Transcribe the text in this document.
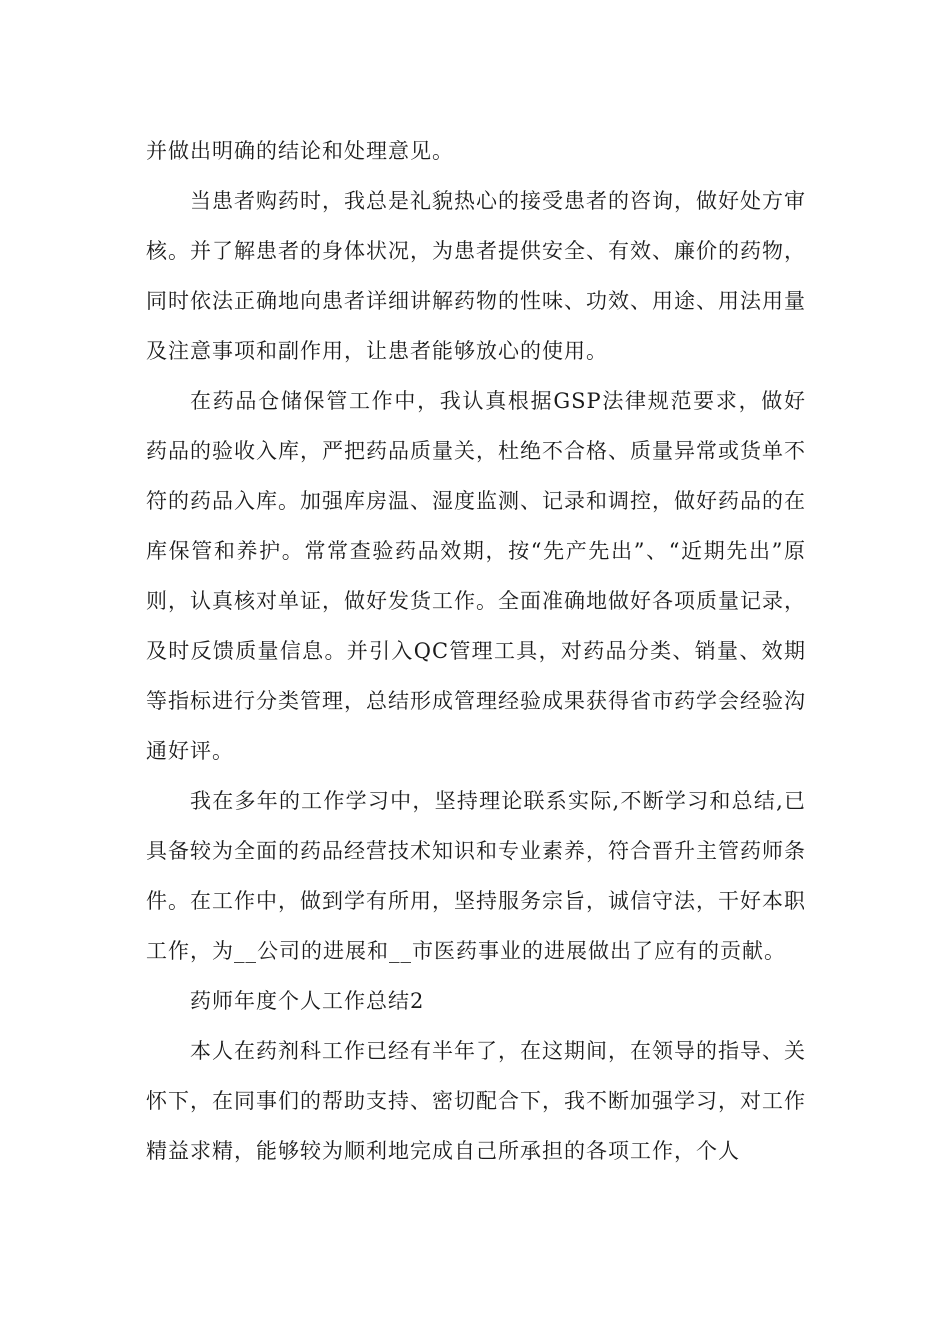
并做出明确的结论和处理意见。

当患者购药时，我总是礼貌热心的接受患者的咨询，做好处方审核。并了解患者的身体状况，为患者提供安全、有效、廉价的药物，同时依法正确地向患者详细讲解药物的性味、功效、用途、用法用量及注意事项和副作用，让患者能够放心的使用。

在药品仓储保管工作中，我认真根据GSP法律规范要求，做好药品的验收入库，严把药品质量关，杜绝不合格、质量异常或货单不符的药品入库。加强库房温、湿度监测、记录和调控，做好药品的在库保管和养护。常常查验药品效期，按“先产先出”、“近期先出”原则，认真核对单证，做好发货工作。全面准确地做好各项质量记录，及时反馈质量信息。并引入QC管理工具，对药品分类、销量、效期等指标进行分类管理，总结形成管理经验成果获得省市药学会经验沟通好评。

我在多年的工作学习中，坚持理论联系实际,不断学习和总结,已具备较为全面的药品经营技术知识和专业素养，符合晋升主管药师条件。在工作中，做到学有所用，坚持服务宗旨，诚信守法，干好本职工作，为__公司的进展和__市医药事业的进展做出了应有的贡献。

药师年度个人工作总结2

本人在药剂科工作已经有半年了，在这期间，在领导的指导、关怀下，在同事们的帮助支持、密切配合下，我不断加强学习，对工作精益求精，能够较为顺利地完成自己所承担的各项工作，个人
